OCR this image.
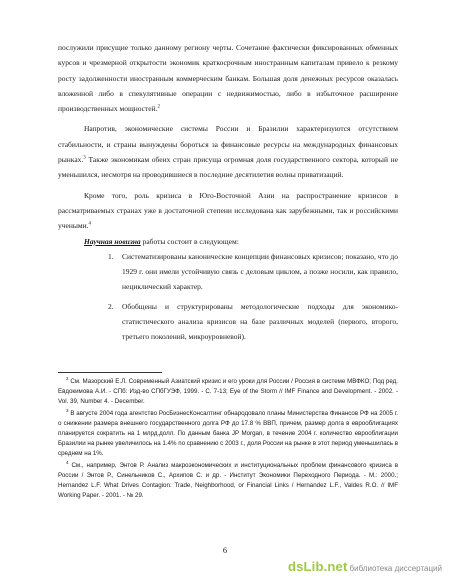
послужили присущие только данному региону черты. Сочетание фактически фиксированных обменных курсов и чрезмерной открытости экономик краткосрочным иностранным капиталам привело к резкому росту задолженности иностранным коммерческим банкам. Большая доля денежных ресурсов оказалась вложенной либо в спекулятивные операции с недвижимостью, либо в избыточное расширение производственных мощностей.$^2$

Напротив, экономические системы России и Бразилии характеризуются отсутствием стабильности, и страны вынуждены бороться за финансовые ресурсы на международных финансовых рынках.$^3$ Также экономикам обеих стран присуща огромная доля государственного сектора, который не уменьшился, несмотря на проводившиеся в последние десятилетия волны приватизаций.

Кроме того, роль кризиса в Юго-Восточной Азии на распространение кризисов в рассматриваемых странах уже в достаточной степени исследована как зарубежными, так и российскими учеными.$^4$

Научная новизна работы состоит в следующем:

1. Систематизированы канонические концепции финансовых кризисов; показано, что до 1929 г. они имели устойчивую связь с деловым циклом, а позже носили, как правило, нециклический характер.
2. Обобщены и структурированы методологические подходы для экономико-статистического анализа кризисов на базе различных моделей (первого, второго, третьего поколений, микроуровневой).

$^2$ См. Мазорский Е.Л. Современный Азиатский кризис и его уроки для России / Россия в системе МВФКО; Под ред. Евдокимова А.И. - СПб: Изд-во СПбГУЭФ, 1999. - С. 7-13; Eye of the Storm // IMF Finance and Development. - 2002. - Vol. 39, Number 4. - December.

$^3$ В августе 2004 года агентство РосБизнесКонсалтинг обнародовало планы Министерства Финансов РФ на 2005 г. о снижении размера внешнего государственного долга РФ до 17.8 % ВВП, причем, размер долга в еврооблигациях планируется сократить на 1 млрд.долл. По данным банка JP Morgan, в течение 2004 г. количество еврооблигации Бразилии на рынке увеличилось на 1.4% по сравнению с 2003 г., доля России на рынке в этот период уменьшилась в среднем на 1%.

$^4$ См., например, Энтов Р. Анализ макроэкономических и институциональных проблем финансового кризиса в России / Энтов Р., Синельников С., Архипов С. и др. - Институт Экономики Переходного Периода. - М.: 2000.; Hernandez L.F. What Drives Contagion: Trade, Neighborhood, or Financial Links / Hernandez L.F., Valdes R.O. // IMF Working Paper. - 2001. - № 29.

6
dsLib.net библиотека диссертаций
